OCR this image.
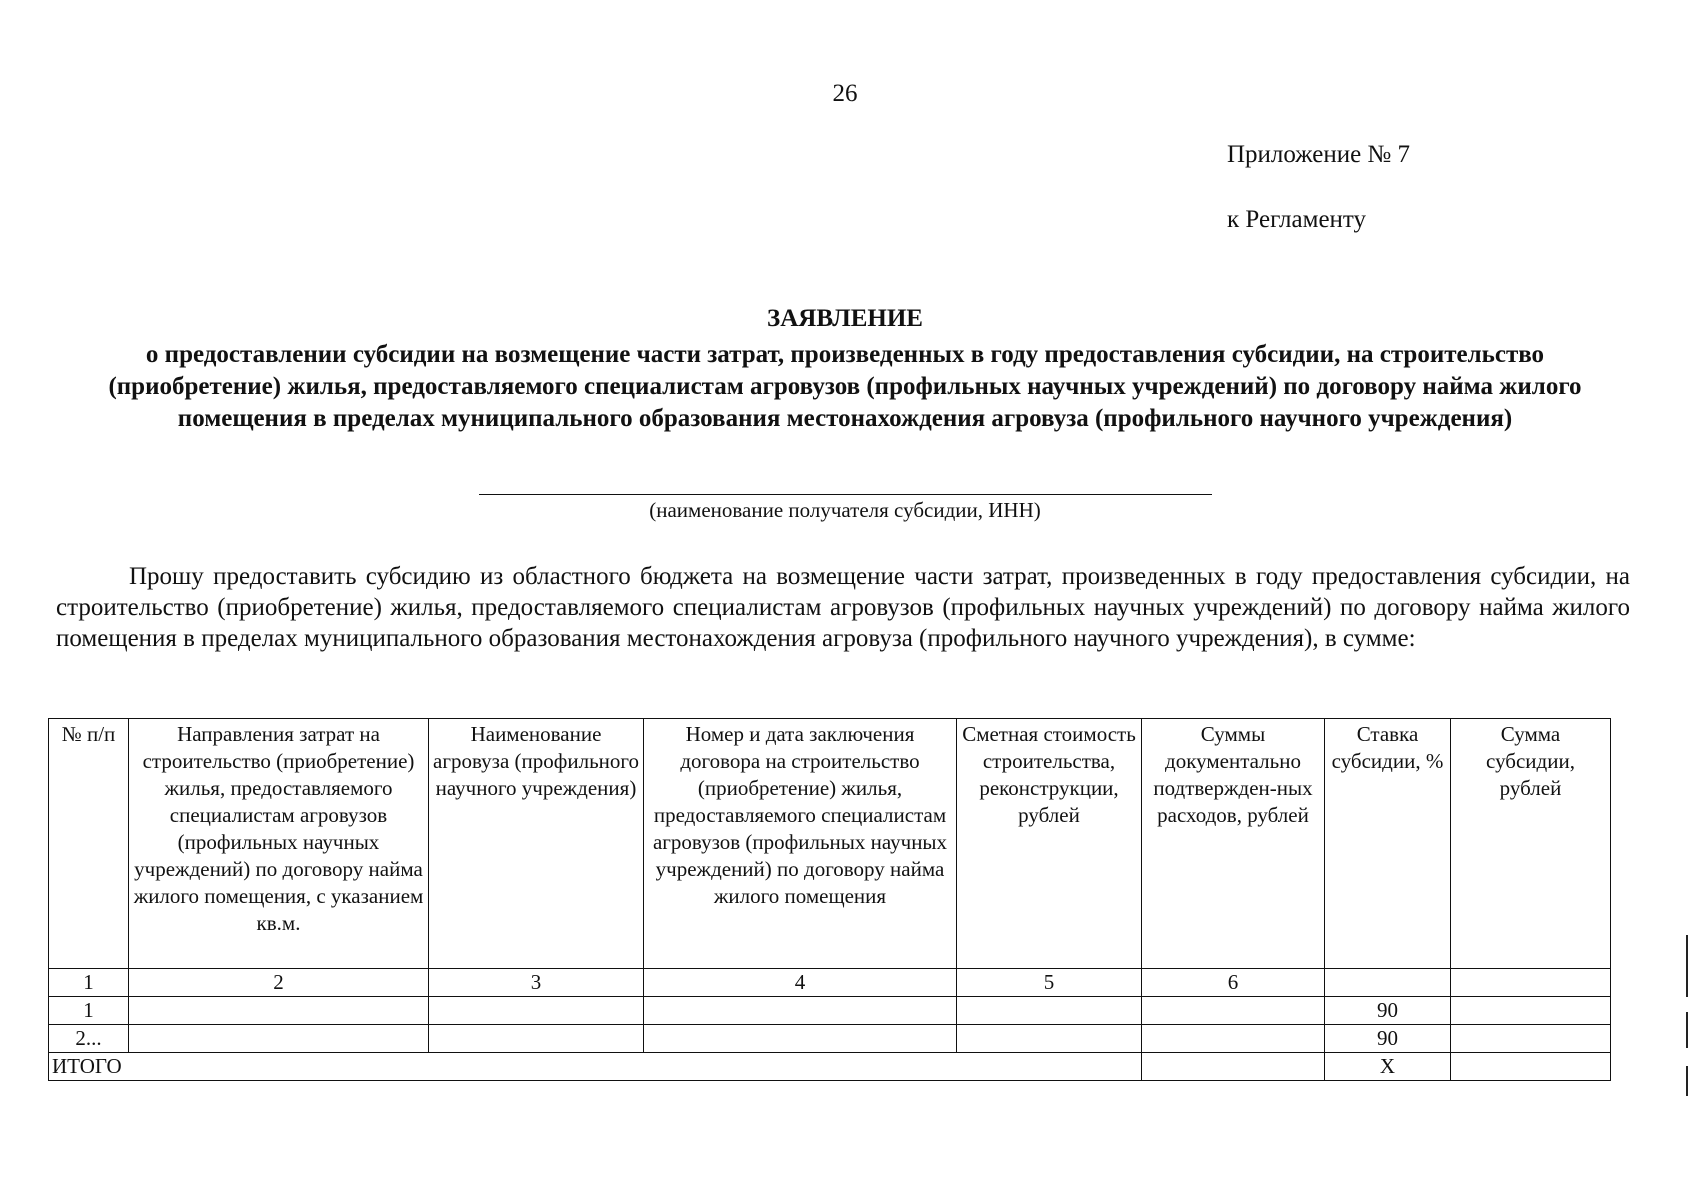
26
Приложение № 7
к Регламенту
ЗАЯВЛЕНИЕ
о предоставлении субсидии на возмещение части затрат, произведенных в году предоставления субсидии, на строительство (приобретение) жилья, предоставляемого специалистам агровузов (профильных научных учреждений) по договору найма жилого помещения в пределах муниципального образования местонахождения агровуза (профильного научного учреждения)
(наименование получателя субсидии, ИНН)

Прошу предоставить субсидию из областного бюджета на возмещение части затрат, произведенных в году предоставления субсидии, на строительство (приобретение) жилья, предоставляемого специалистам агровузов (профильных научных учреждений) по договору найма жилого помещения в пределах муниципального образования местонахождения агровуза (профильного научного учреждения), в сумме:

№ п/п	Направления затрат на строительство (приобретение) жилья, предоставляемого специалистам агровузов (профильных научных учреждений) по договору найма жилого помещения, с указанием кв.м.	Наименование агровуза (профильного научного учреждения)	Номер и дата заключения договора на строительство (приобретение) жилья, предоставляемого специалистам агровузов (профильных научных учреждений) по договору найма жилого помещения	Сметная стоимость строительства, реконструкции, рублей	Суммы документально подтвержден-ных расходов, рублей	Ставка субсидии, %	Сумма субсидии, рублей
1	2	3	4	5	6		
1						90	
2...						90	
ИТОГО						Х	
